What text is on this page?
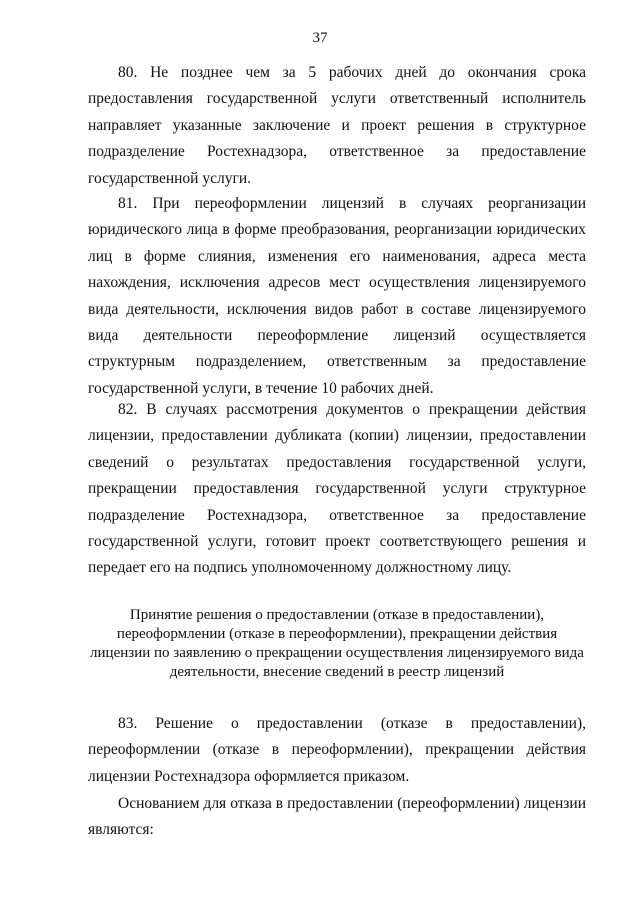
37

80. Не позднее чем за 5 рабочих дней до окончания срока предоставления государственной услуги ответственный исполнитель направляет указанные заключение и проект решения в структурное подразделение Ростехнадзора, ответственное за предоставление государственной услуги.

81. При переоформлении лицензий в случаях реорганизации юридического лица в форме преобразования, реорганизации юридических лиц в форме слияния, изменения его наименования, адреса места нахождения, исключения адресов мест осуществления лицензируемого вида деятельности, исключения видов работ в составе лицензируемого вида деятельности переоформление лицензий осуществляется структурным подразделением, ответственным за предоставление государственной услуги, в течение 10 рабочих дней.

82. В случаях рассмотрения документов о прекращении действия лицензии, предоставлении дубликата (копии) лицензии, предоставлении сведений о результатах предоставления государственной услуги, прекращении предоставления государственной услуги структурное подразделение Ростехнадзора, ответственное за предоставление государственной услуги, готовит проект соответствующего решения и передает его на подпись уполномоченному должностному лицу.

Принятие решения о предоставлении (отказе в предоставлении), переоформлении (отказе в переоформлении), прекращении действия лицензии по заявлению о прекращении осуществления лицензируемого вида деятельности, внесение сведений в реестр лицензий

83. Решение о предоставлении (отказе в предоставлении), переоформлении (отказе в переоформлении), прекращении действия лицензии Ростехнадзора оформляется приказом.

Основанием для отказа в предоставлении (переоформлении) лицензии являются:
